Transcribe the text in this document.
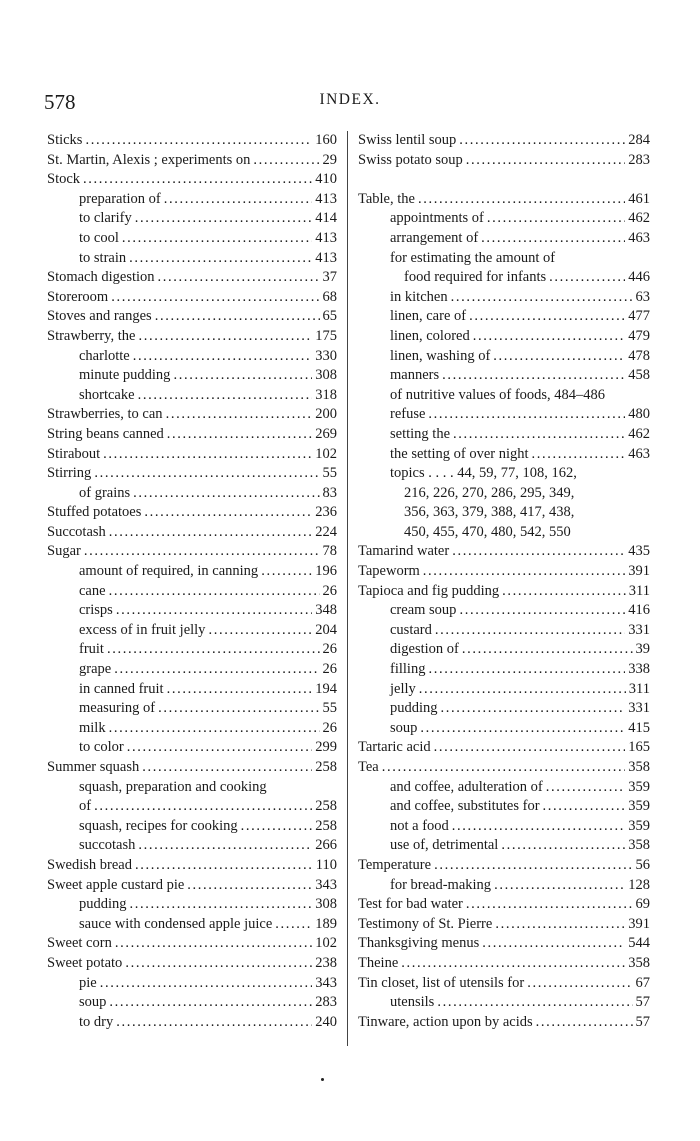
578	INDEX.
Sticks . . .	160
St. Martin, Alexis ; experiments on . . .	29
Stock . . .	410
preparation of . . .	413
to clarify . . .	414
to cool . . .	413
to strain . . .	413
Stomach digestion . . .	37
Storeroom . . .	68
Stoves and ranges . . .	65
Strawberry, the . . .	175
charlotte . . .	330
minute pudding . . .	308
shortcake . . .	318
Strawberries, to can . . .	200
String beans canned . . .	269
Stirabout . . .	102
Stirring . . .	55
of grains . . .	83
Stuffed potatoes . . .	236
Succotash . . .	224
Sugar . . .	78
amount of required, in canning . . .	196
cane . . .	26
crisps . . .	348
excess of in fruit jelly . . .	204
fruit . . .	26
grape . . .	26
in canned fruit . . .	194
measuring of . . .	55
milk . . .	26
to color . . .	299
Summer squash . . .	258
squash, preparation and cooking
of . . .	258
squash, recipes for cooking . . .	258
succotash . . .	266
Swedish bread . . .	110
Sweet apple custard pie . . .	343
pudding . . .	308
sauce with condensed apple juice . . .	189
Sweet corn . . .	102
Sweet potato . . .	238
pie . . .	343
soup . . .	283
to dry . . .	240
Swiss lentil soup . . .	284
Swiss potato soup . . .	283
Table, the . . .	461
appointments of . . .	462
arrangement of . . .	463
for estimating the amount of
food required for infants . . .	446
in kitchen . . .	63
linen, care of . . .	477
linen, colored . . .	479
linen, washing of . . .	478
manners . . .	458
of nutritive values of foods, 484–486
refuse . . .	480
setting the . . .	462
the setting of over night . . .	463
topics . . . . 44, 59, 77, 108, 162,
216, 226, 270, 286, 295, 349,
356, 363, 379, 388, 417, 438,
450, 455, 470, 480, 542, 550
Tamarind water . . .	435
Tapeworm . . .	391
Tapioca and fig pudding . . .	311
cream soup . . .	416
custard . . .	331
digestion of . . .	39
filling . . .	338
jelly . . .	311
pudding . . .	331
soup . . .	415
Tartaric acid . . .	165
Tea . . .	358
and coffee, adulteration of . . .	359
and coffee, substitutes for . . .	359
not a food . . .	359
use of, detrimental . . .	358
Temperature . . .	56
for bread-making . . .	128
Test for bad water . . .	69
Testimony of St. Pierre . . .	391
Thanksgiving menus . . .	544
Theine . . .	358
Tin closet, list of utensils for . . .	67
utensils . . .	57
Tinware, action upon by acids . . .	57
